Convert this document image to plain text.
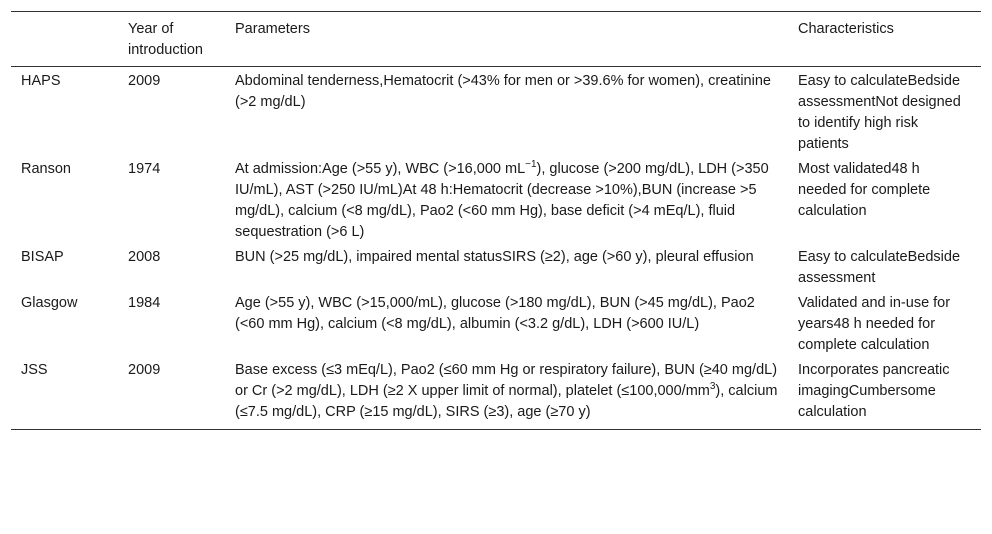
	Year of introduction	Parameters	Characteristics
HAPS	2009	Abdominal tenderness,Hematocrit (>43% for men or >39.6% for women), creatinine (>2 mg/dL)	Easy to calculateBedside assessmentNot designed to identify high risk patients
Ranson	1974	At admission:Age (>55 y), WBC (>16,000 $mL^{-1}$), glucose (>200 mg/dL), LDH (>350 IU/mL), AST (>250 IU/mL)At 48 h:Hematocrit (decrease >10%),BUN (increase >5 mg/dL), calcium (<8 mg/dL), Pao2 (<60 mm Hg), base deficit (>4 mEq/L), fluid sequestration (>6 L)	Most validated48 h needed for complete calculation
BISAP	2008	BUN (>25 mg/dL), impaired mental statusSIRS (≥2), age (>60 y), pleural effusion	Easy to calculateBedside assessment
Glasgow	1984	Age (>55 y), WBC (>15,000/mL), glucose (>180 mg/dL), BUN (>45 mg/dL), Pao2 (<60 mm Hg), calcium (<8 mg/dL), albumin (<3.2 g/dL), LDH (>600 IU/L)	Validated and in-use for years48 h needed for complete calculation
JSS	2009	Base excess (≤3 mEq/L), Pao2 (≤60 mm Hg or respiratory failure), BUN (≥40 mg/dL) or Cr (>2 mg/dL), LDH (≥2 X upper limit of normal), platelet $(\le 100,000/mm^3)$, calcium (≤7.5 mg/dL), CRP (≥15 mg/dL), SIRS (≥3), age (≥70 y)	Incorporates pancreatic imagingCumbersome calculation
